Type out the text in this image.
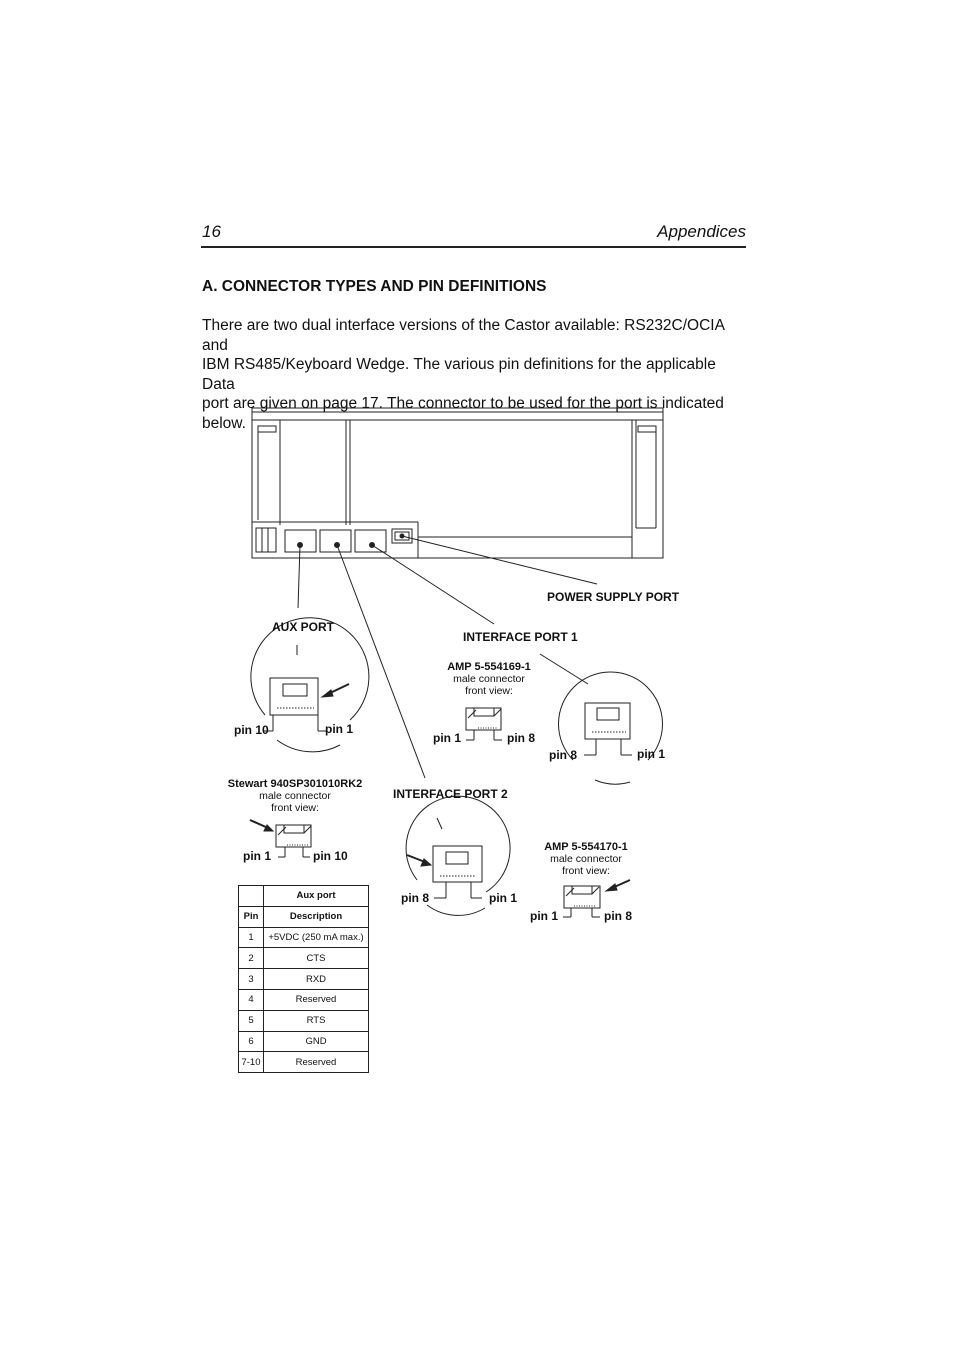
16	Appendices
A. CONNECTOR TYPES AND PIN DEFINITIONS
There are two dual interface versions of the Castor available: RS232C/OCIA and
IBM RS485/Keyboard Wedge. The various pin definitions for the applicable Data
port are given on page 17. The connector to be used for the port is indicated
below.
POWER SUPPLY PORT
AUX PORT
INTERFACE PORT 1
INTERFACE PORT 2
pin 10	pin 1
Stewart 940SP301010RK2
male connector
front view:
pin 1	pin 10
AMP 5-554169-1
male connector
front view:
pin 1	pin 8
pin 8	pin 1
pin 8	pin 1
AMP 5-554170-1
male connector
front view:
pin 1	pin 8
	Aux port
Pin	Description
1	+5VDC (250 mA max.)
2	CTS
3	RXD
4	Reserved
5	RTS
6	GND
7-10	Reserved
